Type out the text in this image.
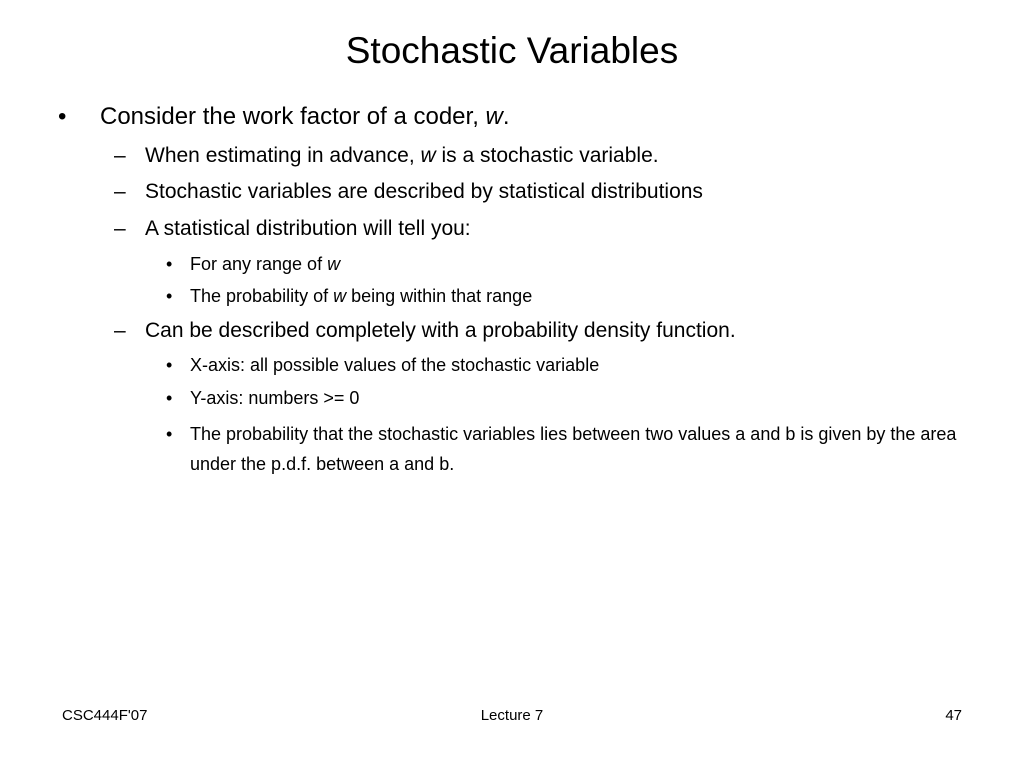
Stochastic Variables
• Consider the work factor of a coder, w.
– When estimating in advance, w is a stochastic variable.
– Stochastic variables are described by statistical distributions
– A statistical distribution will tell you:
• For any range of w
• The probability of w being within that range
– Can be described completely with a probability density function.
• X-axis: all possible values of the stochastic variable
• Y-axis: numbers >= 0
• The probability that the stochastic variables lies between two values a and b is given by the area under the p.d.f. between a and b.
CSC444F'07	Lecture 7	47
